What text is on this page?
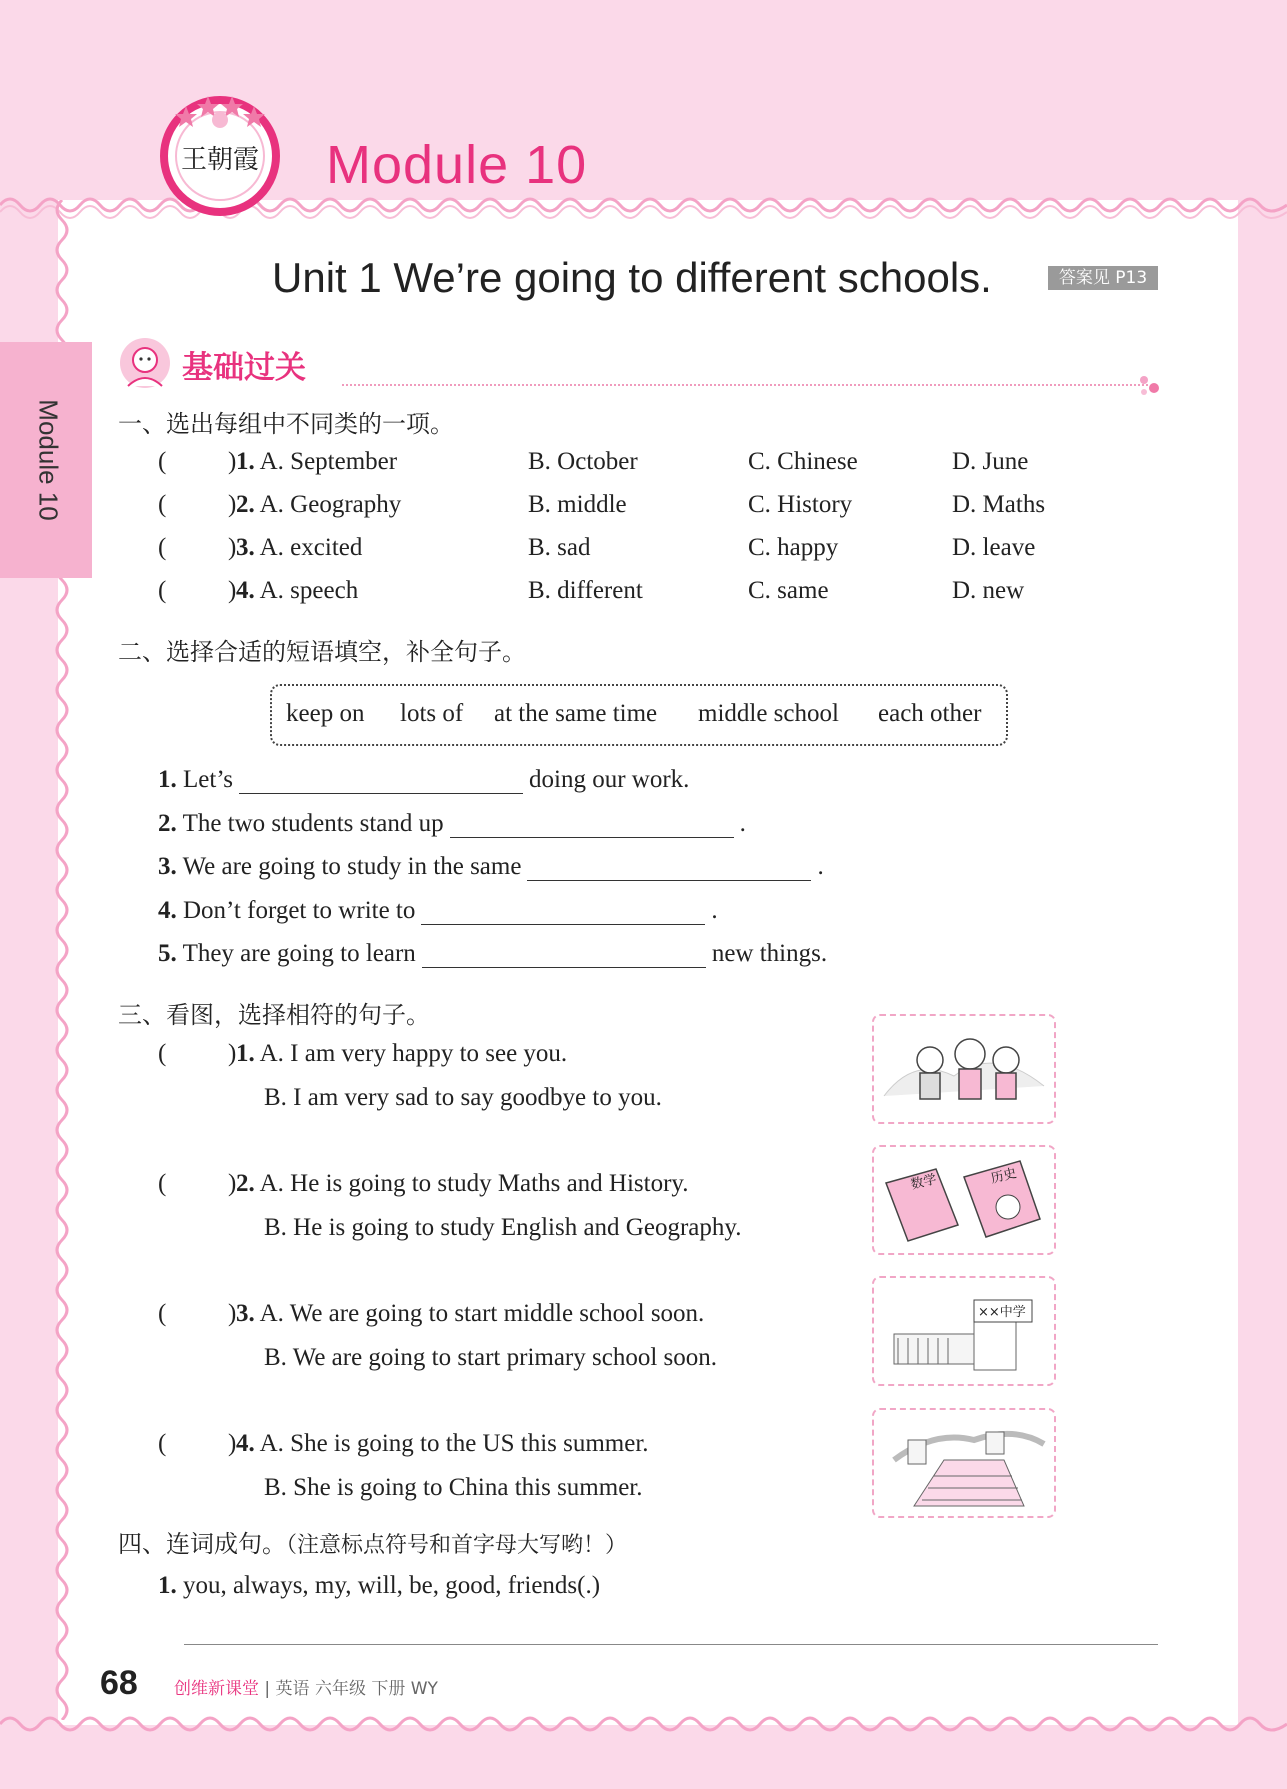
王朝霞 Module 10
Unit 1 We’re going to different schools.	答案见 P13
Module 10
基础过关
一、选出每组中不同类的一项。
( ) 1. A. September	B. October	C. Chinese	D. June
( ) 2. A. Geography	B. middle	C. History	D. Maths
( ) 3. A. excited	B. sad	C. happy	D. leave
( ) 4. A. speech	B. different	C. same	D. new
二、选择合适的短语填空，补全句子。
keep on lots of at the same time middle school each other
1. Let’s	doing our work.
2. The two students stand up	.
3. We are going to study in the same	.
4. Don’t forget to write to	.
5. They are going to learn	new things.
三、看图，选择相符的句子。
( ) 1. A. I am very happy to see you.
B. I am very sad to say goodbye to you.
( ) 2. A. He is going to study Maths and History.
B. He is going to study English and Geography.
数学	历史
( ) 3. A. We are going to start middle school soon.
B. We are going to start primary school soon.
××中学
( ) 4. A. She is going to the US this summer.
B. She is going to China this summer.
四、连词成句。（注意标点符号和首字母大写哟！）
1. you, always, my, will, be, good, friends(.)
68 创维新课堂 | 英语 六年级 下册 WY
